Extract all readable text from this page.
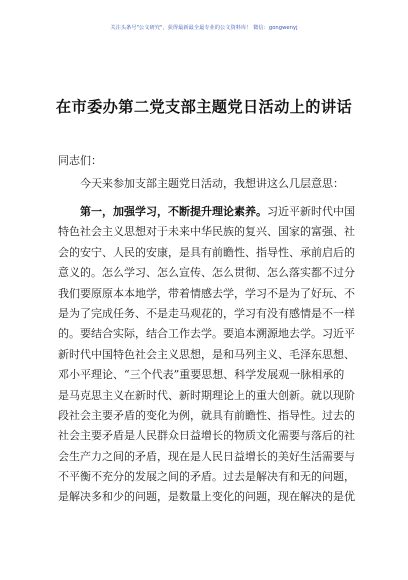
关注头条号"公文研究"，获得最新最全最专业的公文资料库！ 微信：gongwenyj
在市委办第二党支部主题党日活动上的讲话
同志们：
今天来参加支部主题党日活动，我想讲这么几层意思：
第一，加强学习，不断提升理论素养。习近平新时代中国
特色社会主义思想对于未来中华民族的复兴、国家的富强、社
会的安宁、人民的安康，是具有前瞻性、指导性、承前启后的
意义的。怎么学习、怎么宣传、怎么贯彻、怎么落实都不过分
我们要原原本本地学，带着情感去学，学习不是为了好玩、不
是为了完成任务、不是走马观花的，学习有没有感情是不一样
的。要结合实际，结合工作去学。要追本溯源地去学。习近平
新时代中国特色社会主义思想，是和马列主义、毛泽东思想、
邓小平理论、“三个代表”重要思想、科学发展观一脉相承的
是马克思主义在新时代、新时期理论上的重大创新。就以现阶
段社会主要矛盾的变化为例，就具有前瞻性、指导性。过去的
社会主要矛盾是人民群众日益增长的物质文化需要与落后的社
会生产力之间的矛盾，现在是人民日益增长的美好生活需要与
不平衡不充分的发展之间的矛盾。过去是解决有和无的问题，
是解决多和少的问题，是数量上变化的问题，现在解决的是优
